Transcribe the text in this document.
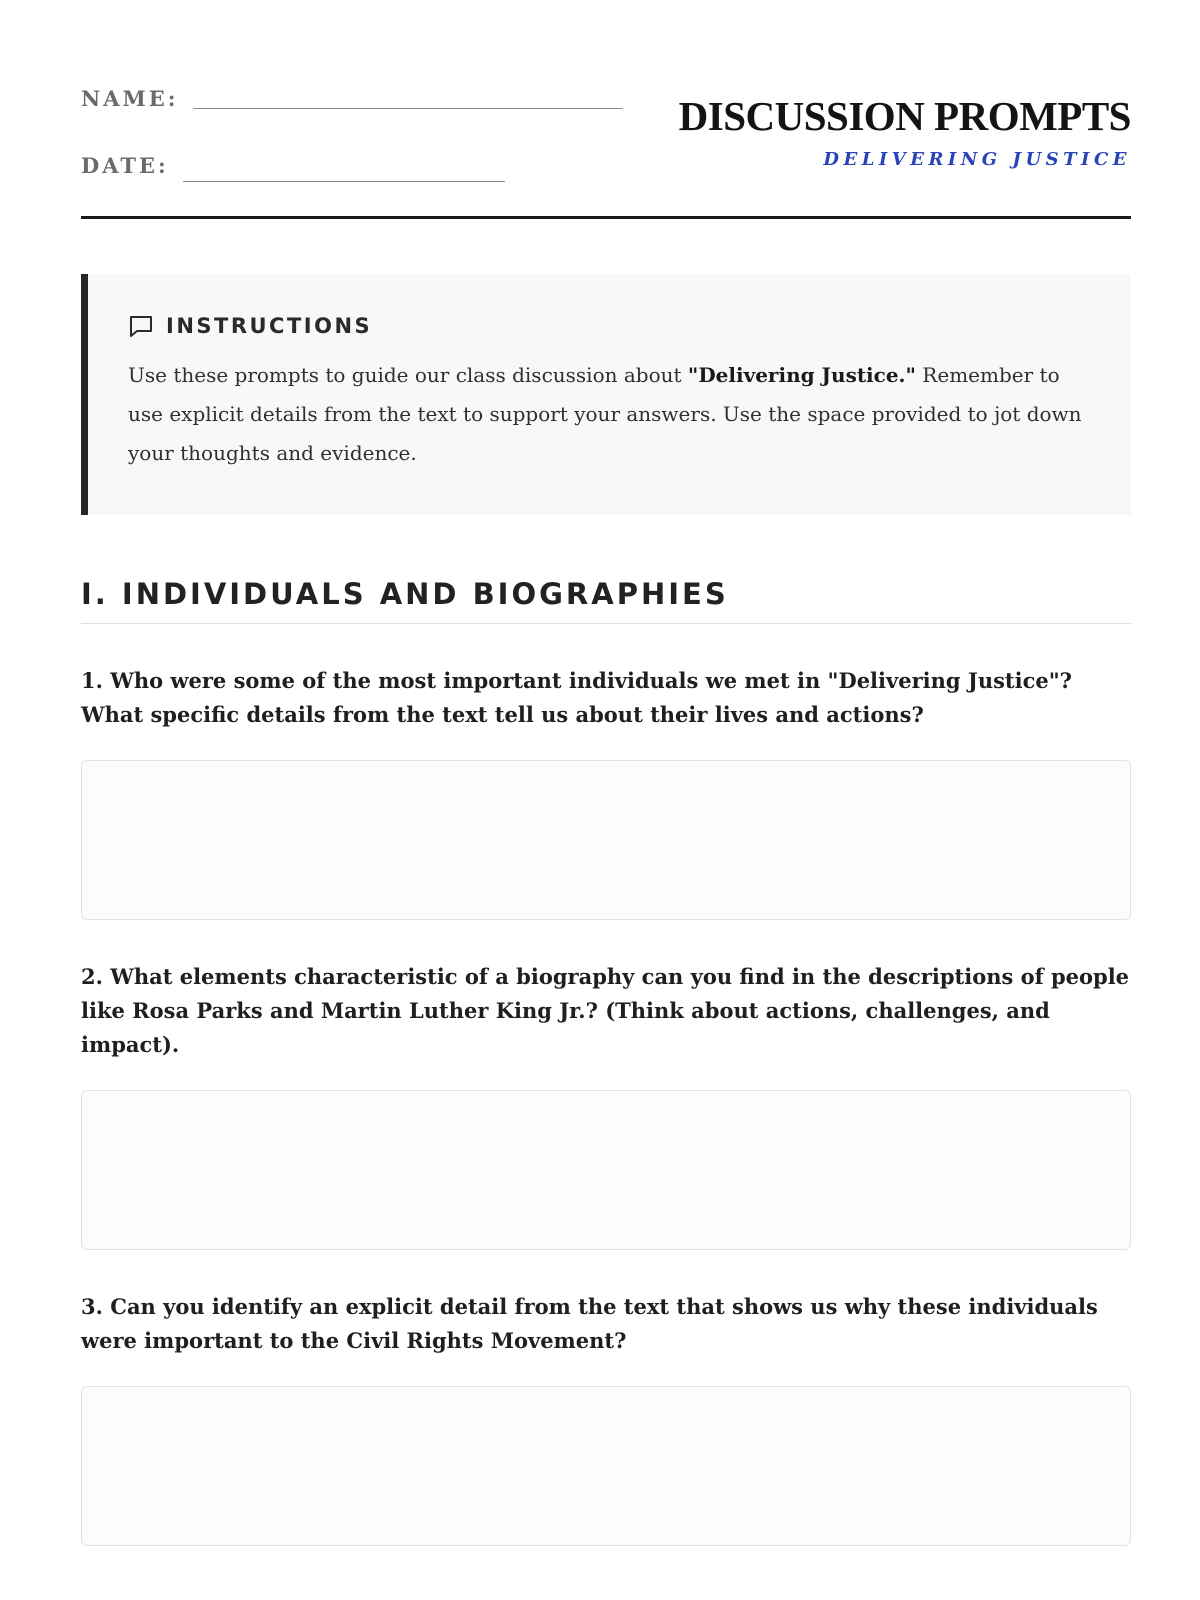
NAME:
DATE:
DISCUSSION PROMPTS
DELIVERING JUSTICE
INSTRUCTIONS

Use these prompts to guide our class discussion about "Delivering Justice." Remember to use explicit details from the text to support your answers. Use the space provided to jot down your thoughts and evidence.

I. INDIVIDUALS AND BIOGRAPHIES

1. Who were some of the most important individuals we met in "Delivering Justice"? What specific details from the text tell us about their lives and actions?

2. What elements characteristic of a biography can you find in the descriptions of people like Rosa Parks and Martin Luther King Jr.? (Think about actions, challenges, and impact).

3. Can you identify an explicit detail from the text that shows us why these individuals were important to the Civil Rights Movement?
